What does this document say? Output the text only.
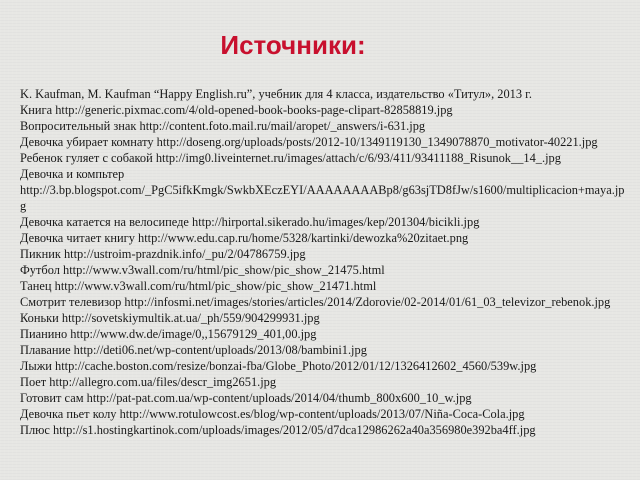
Источники:
K. Kaufman, M. Kaufman “Happy English.ru”, учебник для 4 класса, издательство «Титул», 2013 г.
Книга http://generic.pixmac.com/4/old-opened-book-books-page-clipart-82858819.jpg
Вопросительный знак http://content.foto.mail.ru/mail/aropet/_answers/i-631.jpg
Девочка убирает комнату http://doseng.org/uploads/posts/2012-10/1349119130_1349078870_motivator-40221.jpg
Ребенок гуляет с собакой http://img0.liveinternet.ru/images/attach/c/6/93/411/93411188_Risunok__14_.jpg
Девочка и компьтер http://3.bp.blogspot.com/_PgC5ifkKmgk/SwkbXEczEYI/AAAAAAAABp8/g63sjTD8fJw/s1600/multiplicacion+maya.jpg
Девочка катается на велосипеде http://hirportal.sikerado.hu/images/kep/201304/bicikli.jpg
Девочка читает книгу http://www.edu.cap.ru/home/5328/kartinki/dewozka%20zitaet.png
Пикник http://ustroim-prazdnik.info/_pu/2/04786759.jpg
Футбол http://www.v3wall.com/ru/html/pic_show/pic_show_21475.html
Танец http://www.v3wall.com/ru/html/pic_show/pic_show_21471.html
Смотрит телевизор http://infosmi.net/images/stories/articles/2014/Zdorovie/02-2014/01/61_03_televizor_rebenok.jpg
Коньки http://sovetskiymultik.at.ua/_ph/559/904299931.jpg
Пианино http://www.dw.de/image/0,,15679129_401,00.jpg
Плавание http://deti06.net/wp-content/uploads/2013/08/bambini1.jpg
Лыжи http://cache.boston.com/resize/bonzai-fba/Globe_Photo/2012/01/12/1326412602_4560/539w.jpg
Поет http://allegro.com.ua/files/descr_img2651.jpg
Готовит сам http://pat-pat.com.ua/wp-content/uploads/2014/04/thumb_800x600_10_w.jpg
Девочка пьет колу http://www.rotulowcost.es/blog/wp-content/uploads/2013/07/Niña-Coca-Cola.jpg
Плюс http://s1.hostingkartinok.com/uploads/images/2012/05/d7dca12986262a40a356980e392ba4ff.jpg
